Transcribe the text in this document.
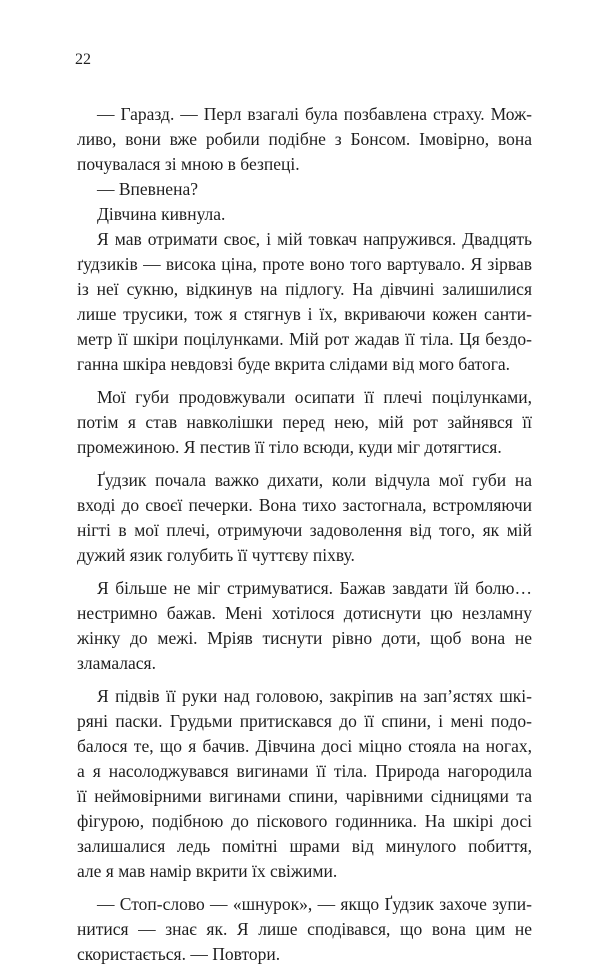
22
— Гаразд. — Перл взагалі була позбавлена страху. Мож-
ливо, вони вже робили подібне з Бонсом. Імовірно, вона
почувалася зі мною в безпеці.
— Впевнена?
Дівчина кивнула.
Я мав отримати своє, і мій товкач напружився. Двадцять
ґудзиків — висока ціна, проте воно того вартувало. Я зірвав
із неї сукню, відкинув на підлогу. На дівчині залишилися
лише трусики, тож я стягнув і їх, вкриваючи кожен санти-
метр її шкіри поцілунками. Мій рот жадав її тіла. Ця бездо-
ганна шкіра невдовзі буде вкрита слідами від мого батога.
Мої губи продовжували осипати її плечі поцілунками,
потім я став навколішки перед нею, мій рот зайнявся її
промежиною. Я пестив її тіло всюди, куди міг дотягтися.
Ґудзик почала важко дихати, коли відчула мої губи на
вході до своєї печерки. Вона тихо застогнала, встромляючи
нігті в мої плечі, отримуючи задоволення від того, як мій
дужий язик голубить її чуттєву піхву.
Я більше не міг стримуватися. Бажав завдати їй болю…
нестримно бажав. Мені хотілося дотиснути цю незламну
жінку до межі. Мріяв тиснути рівно доти, щоб вона не
зламалася.
Я підвів її руки над головою, закріпив на зап’ястях шкі-
ряні паски. Грудьми притискався до її спини, і мені подо-
балося те, що я бачив. Дівчина досі міцно стояла на ногах,
а я насолоджувався вигинами її тіла. Природа нагородила
її неймовірними вигинами спини, чарівними сідницями та
фігурою, подібною до піскового годинника. На шкірі досі
залишалися ледь помітні шрами від минулого побиття,
але я мав намір вкрити їх свіжими.
— Стоп-слово — «шнурок», — якщо Ґудзик захоче зупи-
нитися — знає як. Я лише сподівався, що вона цим не
скористається. — Повтори.
